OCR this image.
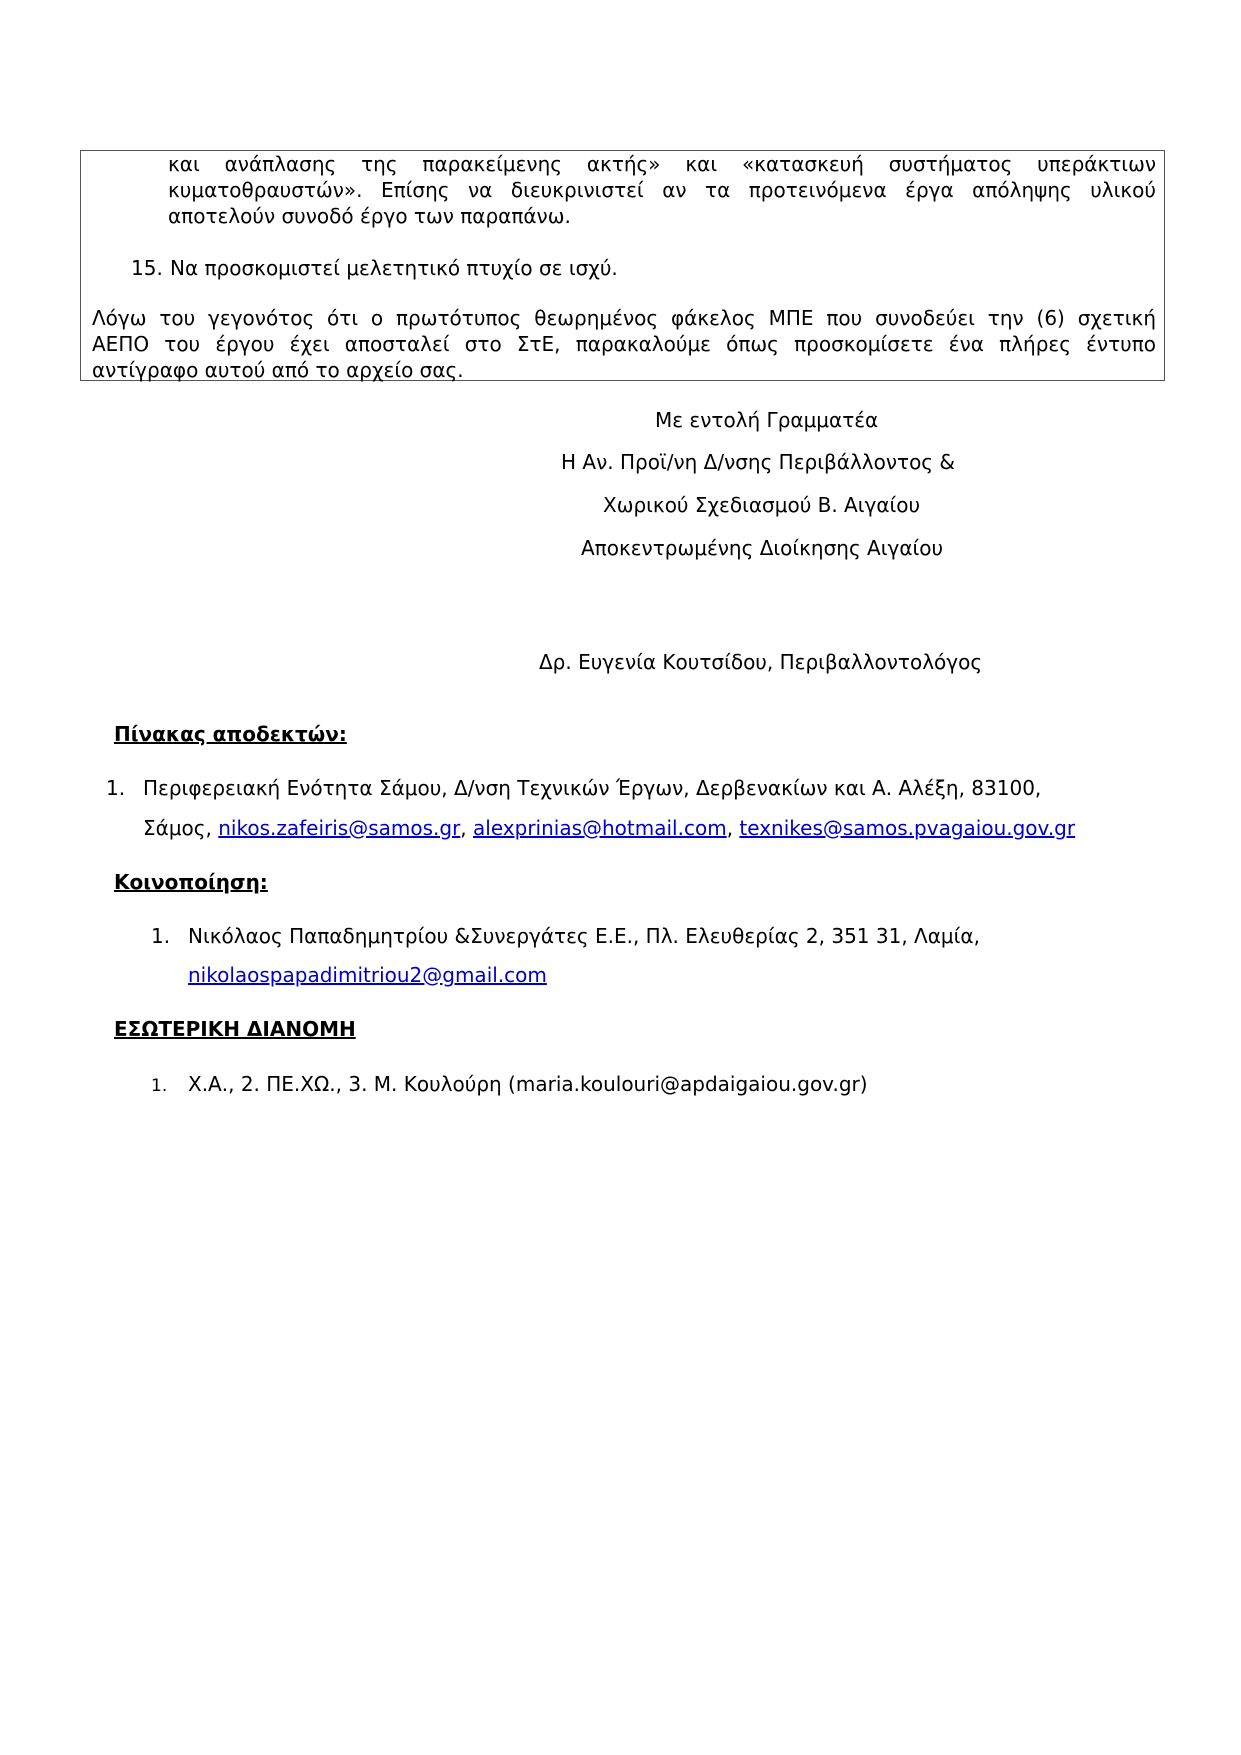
και ανάπλασης της παρακείμενης ακτής» και «κατασκευή συστήματος υπεράκτιων
κυματοθραυστών». Επίσης να διευκρινιστεί αν τα προτεινόμενα έργα απόληψης υλικού
αποτελούν συνοδό έργο των παραπάνω.
15. Να προσκομιστεί μελετητικό πτυχίο σε ισχύ.
Λόγω του γεγονότος ότι ο πρωτότυπος θεωρημένος φάκελος ΜΠΕ που συνοδεύει την (6) σχετική
ΑΕΠΟ του έργου έχει αποσταλεί στο ΣτΕ, παρακαλούμε όπως προσκομίσετε ένα πλήρες έντυπο
αντίγραφο αυτού από το αρχείο σας.
Με εντολή Γραμματέα
Η Αν. Προϊ/νη Δ/νσης Περιβάλλοντος &
Χωρικού Σχεδιασμού Β. Αιγαίου
Αποκεντρωμένης Διοίκησης Αιγαίου
Δρ. Ευγενία Κουτσίδου, Περιβαλλοντολόγος
Πίνακας αποδεκτών:
1. Περιφερειακή Ενότητα Σάμου, Δ/νση Τεχνικών Έργων, Δερβενακίων και Α. Αλέξη, 83100,
Σάμος, nikos.zafeiris@samos.gr, alexprinias@hotmail.com, texnikes@samos.pvagaiou.gov.gr
Κοινοποίηση:
1. Νικόλαος Παπαδημητρίου &Συνεργάτες Ε.Ε., Πλ. Ελευθερίας 2, 351 31, Λαμία,
nikolaospapadimitriou2@gmail.com
ΕΣΩΤΕΡΙΚΗ ΔΙΑΝΟΜΗ
1. Χ.Α., 2. ΠΕ.ΧΩ., 3. Μ. Κουλούρη (maria.koulouri@apdaigaiou.gov.gr)
